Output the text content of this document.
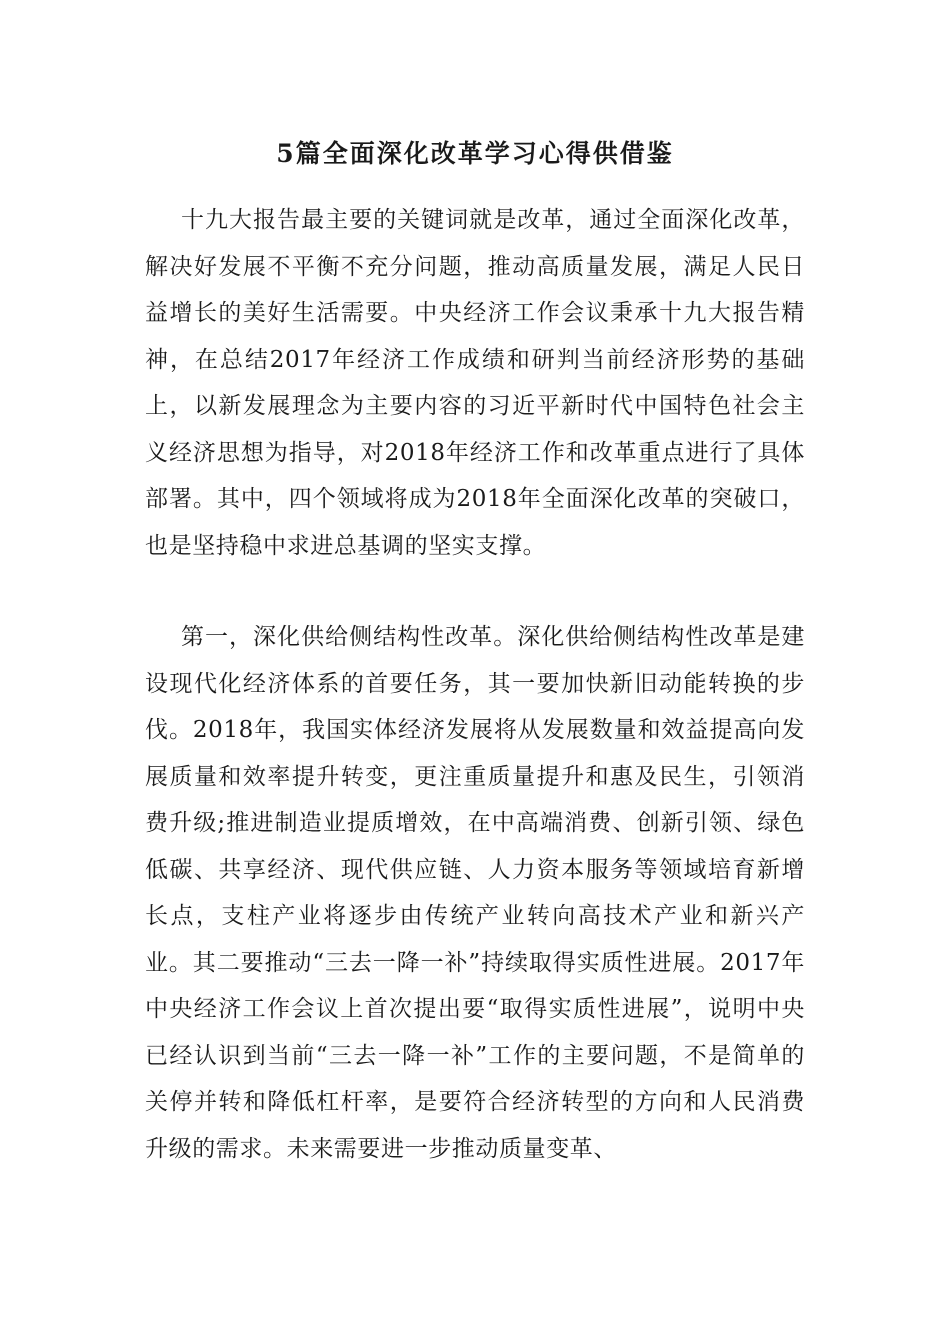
5篇全面深化改革学习心得供借鉴
十九大报告最主要的关键词就是改革，通过全面深化改革，解决好发展不平衡不充分问题，推动高质量发展，满足人民日益增长的美好生活需要。中央经济工作会议秉承十九大报告精神，在总结2017年经济工作成绩和研判当前经济形势的基础上，以新发展理念为主要内容的习近平新时代中国特色社会主义经济思想为指导，对2018年经济工作和改革重点进行了具体部署。其中，四个领域将成为2018年全面深化改革的突破口，也是坚持稳中求进总基调的坚实支撑。
第一，深化供给侧结构性改革。深化供给侧结构性改革是建设现代化经济体系的首要任务，其一要加快新旧动能转换的步伐。2018年，我国实体经济发展将从发展数量和效益提高向发展质量和效率提升转变，更注重质量提升和惠及民生，引领消费升级;推进制造业提质增效，在中高端消费、创新引领、绿色低碳、共享经济、现代供应链、人力资本服务等领域培育新增长点，支柱产业将逐步由传统产业转向高技术产业和新兴产业。其二要推动“三去一降一补”持续取得实质性进展。2017年中央经济工作会议上首次提出要“取得实质性进展”，说明中央已经认识到当前“三去一降一补”工作的主要问题，不是简单的关停并转和降低杠杆率，是要符合经济转型的方向和人民消费升级的需求。未来需要进一步推动质量变革、
